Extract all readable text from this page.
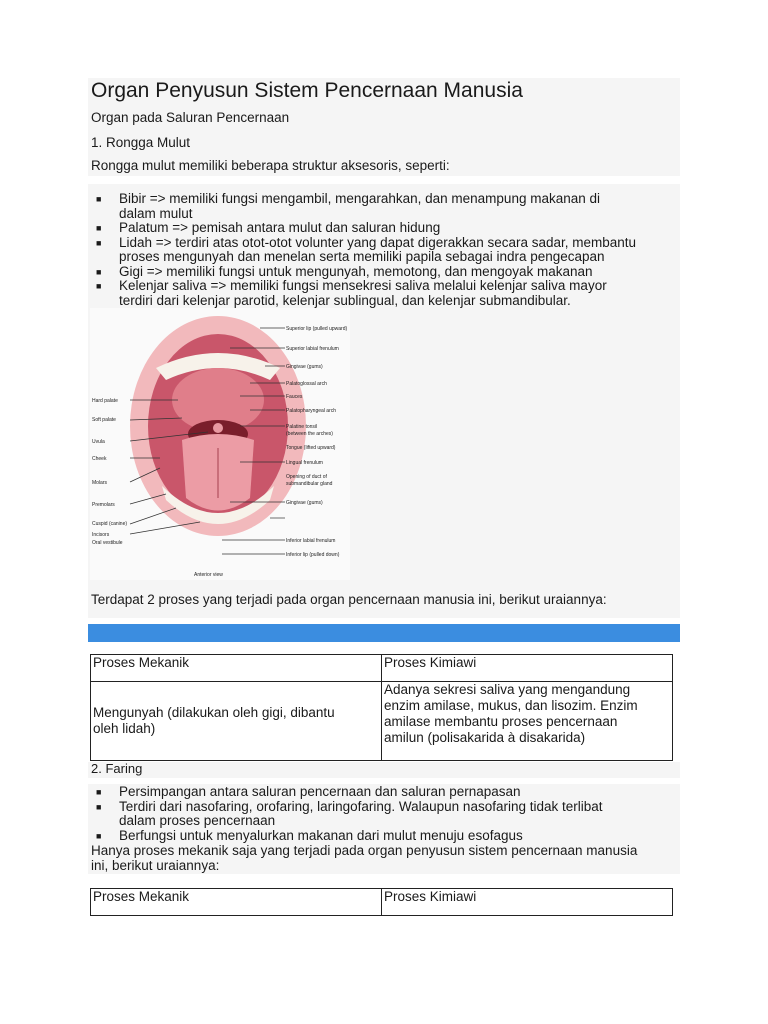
Organ Penyusun Sistem Pencernaan Manusia
Organ pada Saluran Pencernaan
1. Rongga Mulut
Rongga mulut memiliki beberapa struktur aksesoris, seperti:
■ Bibir => memiliki fungsi mengambil, mengarahkan, dan menampung makanan di
dalam mulut
■ Palatum => pemisah antara mulut dan saluran hidung
■ Lidah => terdiri atas otot-otot volunter yang dapat digerakkan secara sadar, membantu
proses mengunyah dan menelan serta memiliki papila sebagai indra pengecapan
■ Gigi => memiliki fungsi untuk mengunyah, memotong, dan mengoyak makanan
■ Kelenjar saliva => memiliki fungsi mensekresi saliva melalui kelenjar saliva mayor
terdiri dari kelenjar parotid, kelenjar sublingual, dan kelenjar submandibular.
Hard palate
Soft palate
Uvula
Cheek
Molars
Premolars
Cuspid (canine)
Incisors
Oral vestibule
Superior lip (pulled upward)
Superior labial frenulum
Gingivae (gums)
Palatoglossal arch
Fauces
Palatopharyngeal arch
Palatine tonsil
(between the arches)
Tongue (lifted upward)
Lingual frenulum
Opening of duct of
submandibular gland
Gingivae (gums)
Inferior labial frenulum
Inferior lip (pulled down)
Anterior view
Terdapat 2 proses yang terjadi pada organ pencernaan manusia ini, berikut uraiannya:
Proses Mekanik	Proses Kimiawi
Mengunyah (dilakukan oleh gigi, dibantu
oleh lidah)	Adanya sekresi saliva yang mengandung
enzim amilase, mukus, dan lisozim. Enzim
amilase membantu proses pencernaan
amilun (polisakarida à disakarida)
2. Faring
■ Persimpangan antara saluran pencernaan dan saluran pernapasan
■ Terdiri dari nasofaring, orofaring, laringofaring. Walaupun nasofaring tidak terlibat
dalam proses pencernaan
■ Berfungsi untuk menyalurkan makanan dari mulut menuju esofagus
Hanya proses mekanik saja yang terjadi pada organ penyusun sistem pencernaan manusia
ini, berikut uraiannya:
Proses Mekanik	Proses Kimiawi
